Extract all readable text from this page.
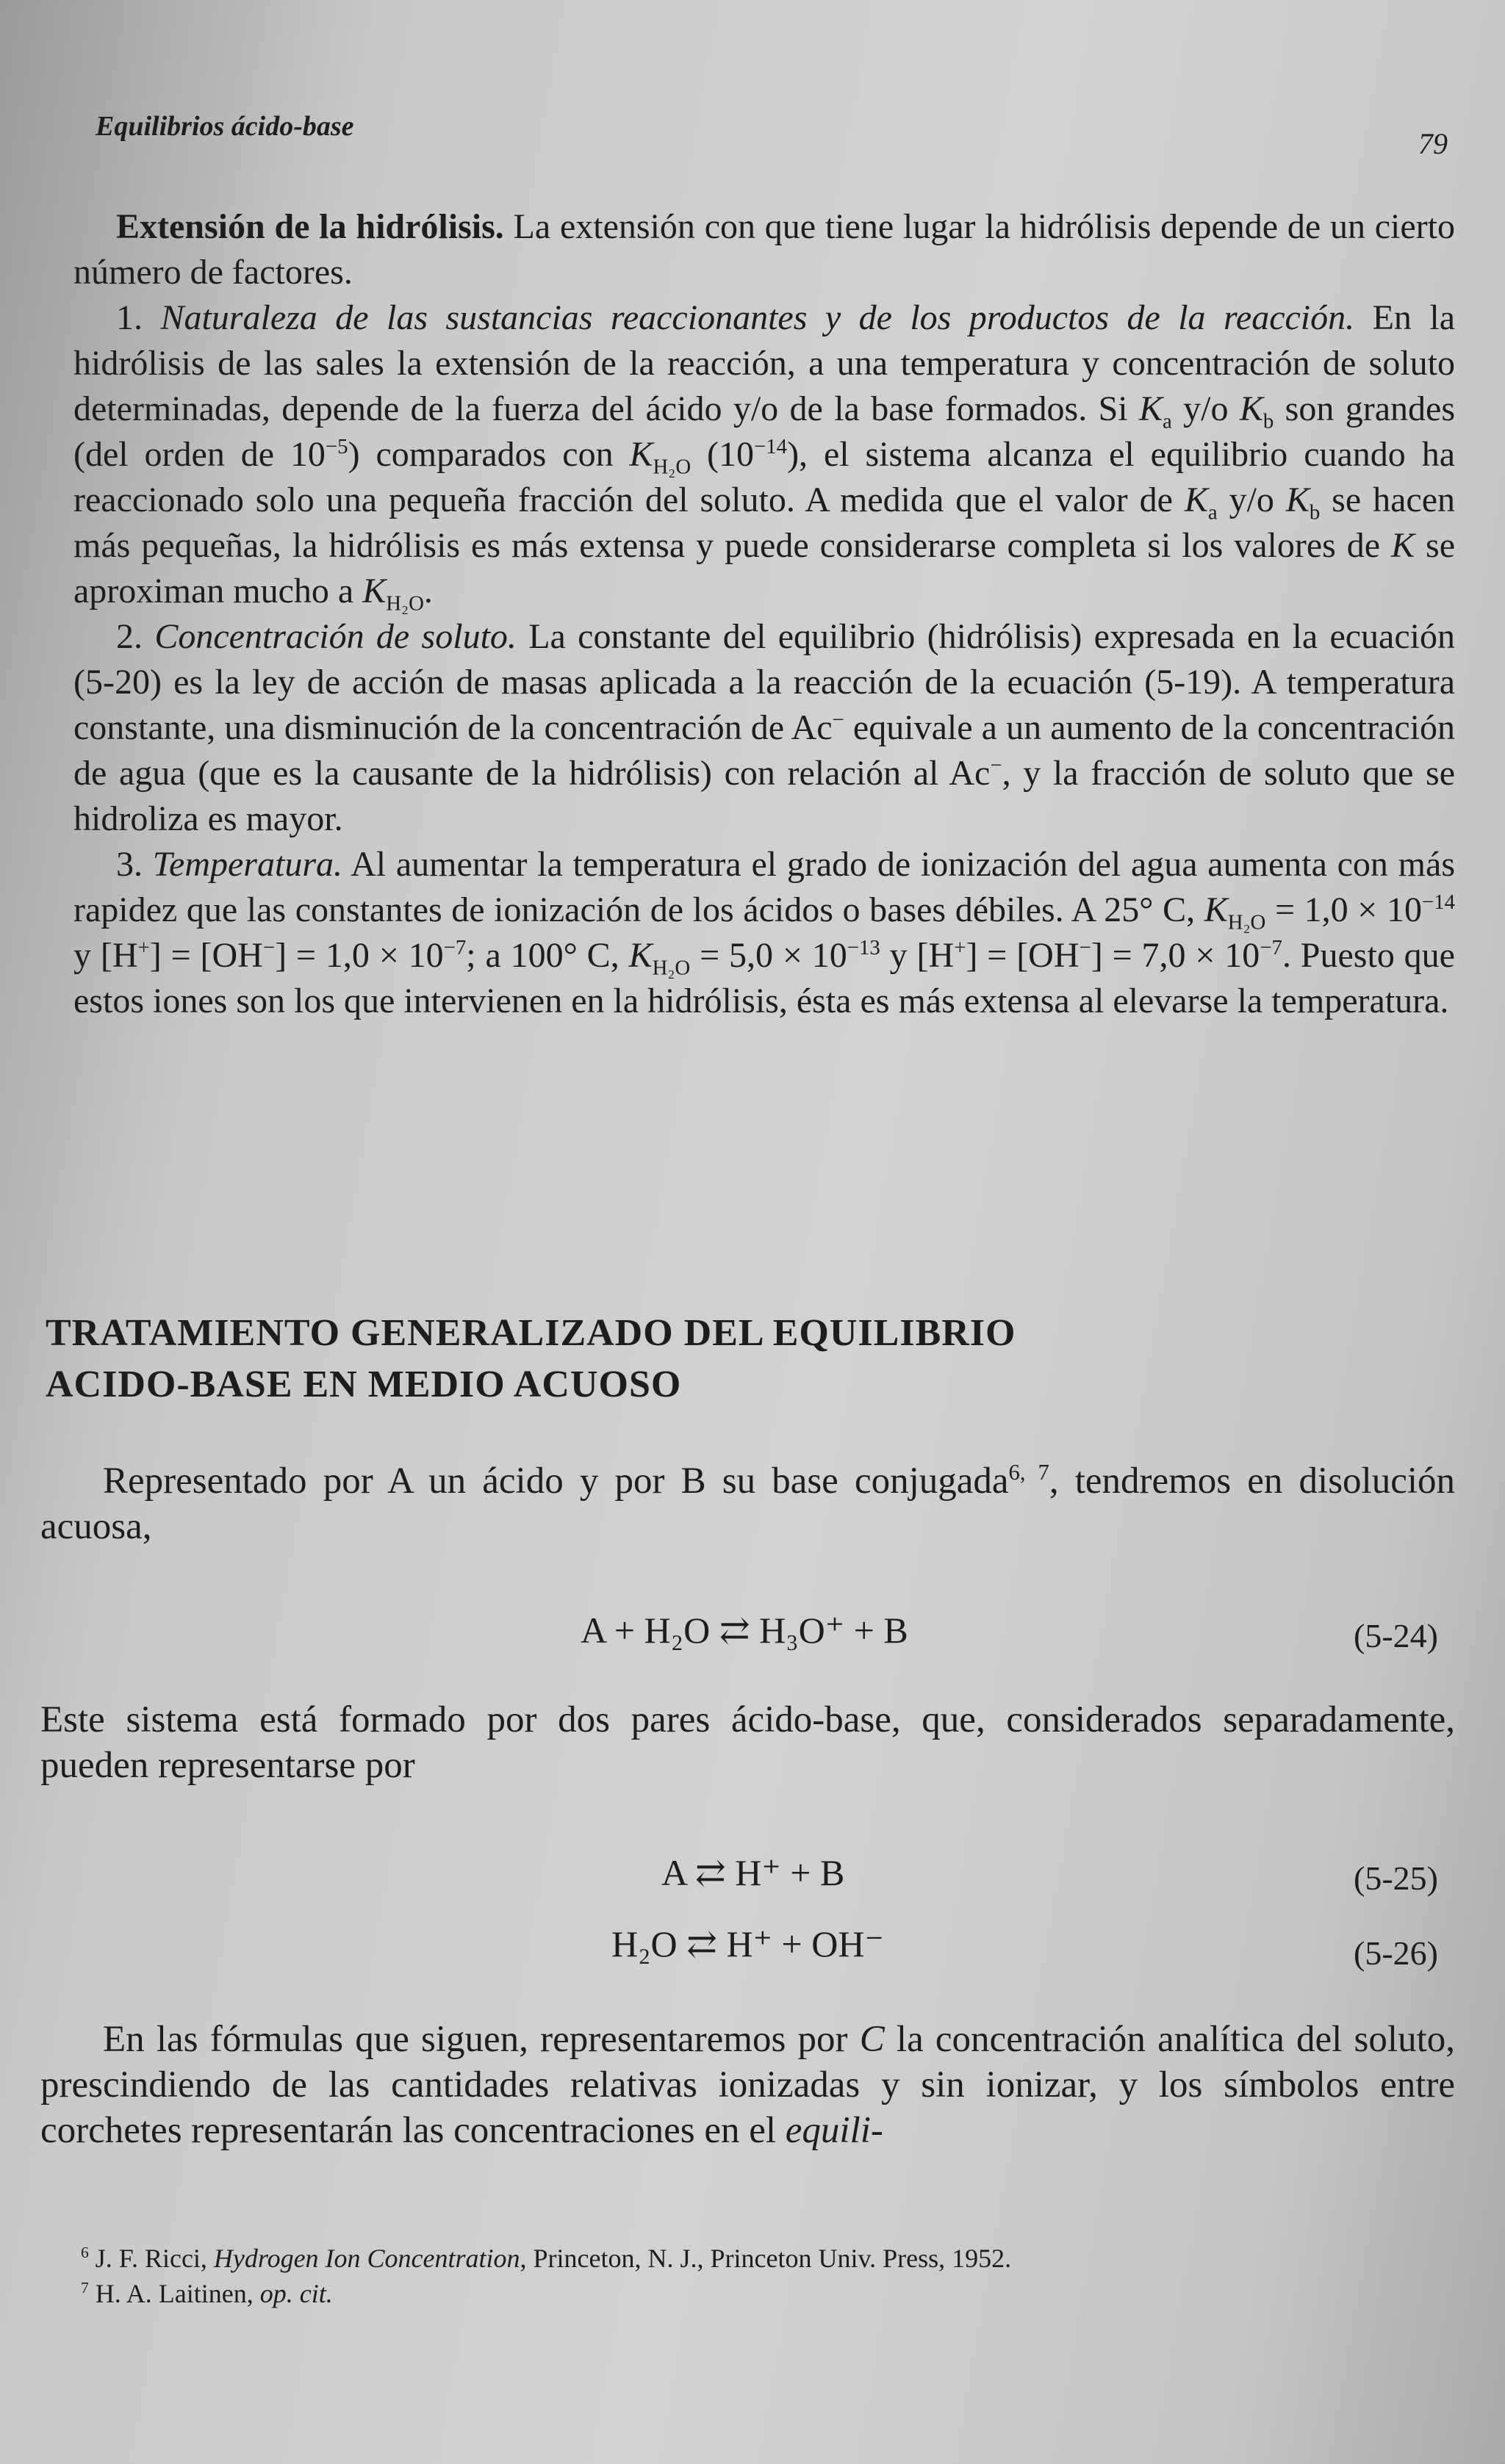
Equilibrios ácido-base
79

Extensión de la hidrólisis. La extensión con que tiene lugar la hidrólisis depende de un cierto número de factores.

1. Naturaleza de las sustancias reaccionantes y de los productos de la reacción. En la hidrólisis de las sales la extensión de la reacción, a una temperatura y concentración de soluto determinadas, depende de la fuerza del ácido y/o de la base formados. Si $K_a$ y/o $K_b$ son grandes (del orden de $10^{-5}$) comparados con $K_{H_2O}$ $(10^{-14})$, el sistema alcanza el equilibrio cuando ha reaccionado solo una pequeña fracción del soluto. A medida que el valor de $K_a$ y/o $K_b$ se hacen más pequeñas, la hidrólisis es más extensa y puede considerarse completa si los valores de K se aproximan mucho a $K_{H_2O}$.

2. Concentración de soluto. La constante del equilibrio (hidrólisis) expresada en la ecuación (5-20) es la ley de acción de masas aplicada a la reacción de la ecuación (5-19). A temperatura constante, una disminución de la concentración de Ac− equivale a un aumento de la concentración de agua (que es la causante de la hidrólisis) con relación al Ac−, y la fracción de soluto que se hidroliza es mayor.

3. Temperatura. Al aumentar la temperatura el grado de ionización del agua aumenta con más rapidez que las constantes de ionización de los ácidos o bases débiles. A 25° C, $K_{H_2O} = 1,0 \times 10^{-14}$ y $[H^+] = [OH^-] = 1,0 \times 10^{-7}$; a 100° C, $K_{H_2O} = 5,0 \times 10^{-13}$ y $[H^+] = [OH^-] = 7,0 \times 10^{-7}$. Puesto que estos iones son los que intervienen en la hidrólisis, ésta es más extensa al elevarse la temperatura.

TRATAMIENTO GENERALIZADO DEL EQUILIBRIO
ACIDO-BASE EN MEDIO ACUOSO
Representado por A un ácido y por B su base conjugada$^{6, 7}$, tendremos en disolución acuosa,
A + H₂O ⇄ H₃O⁺ + B	(5-24)
Este sistema está formado por dos pares ácido-base, que, considerados separadamente, pueden representarse por
A ⇄ H⁺ + B	(5-25)
H₂O ⇄ H⁺ + OH⁻	(5-26)
En las fórmulas que siguen, representaremos por C la concentración analítica del soluto, prescindiendo de las cantidades relativas ionizadas y sin ionizar, y los símbolos entre corchetes representarán las concentraciones en el equili-
$^6$ J. F. Ricci, Hydrogen Ion Concentration, Princeton, N. J., Princeton Univ. Press, 1952.
$^7$ H. A. Laitinen, op. cit.
